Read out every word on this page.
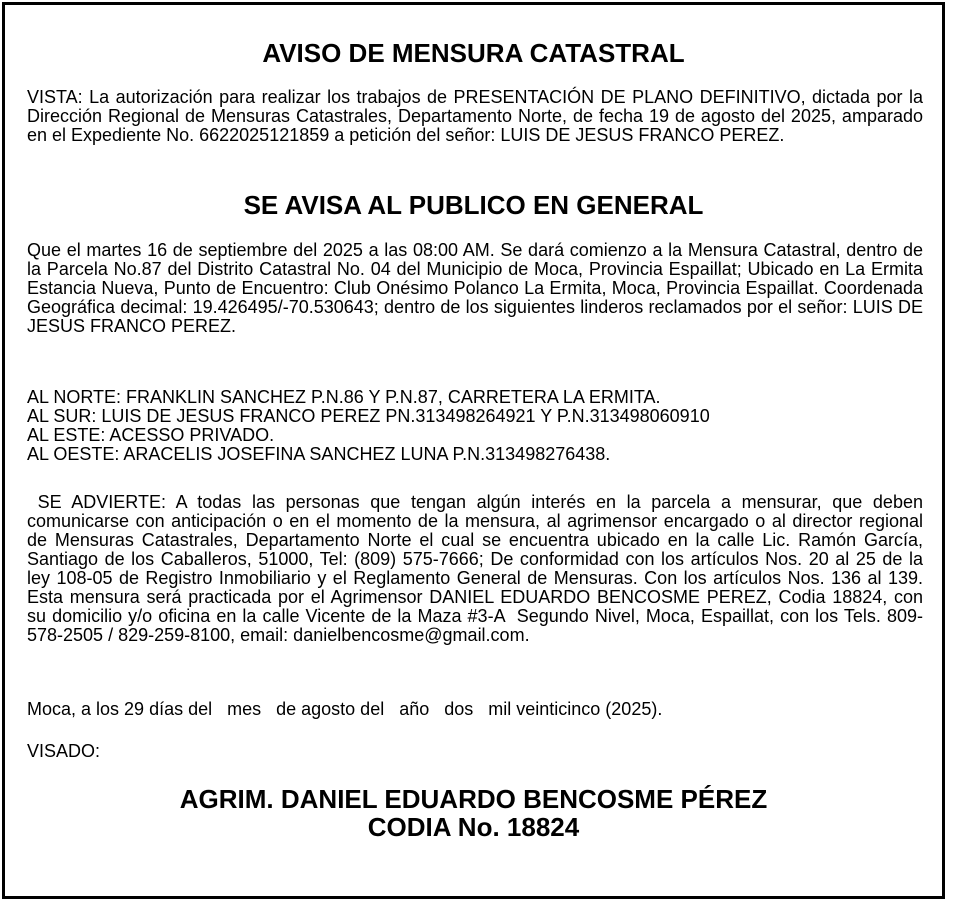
AVISO DE MENSURA CATASTRAL

VISTA: La autorización para realizar los trabajos de PRESENTACIÓN DE PLANO DEFINITIVO, dictada por la Dirección Regional de Mensuras Catastrales, Departamento Norte, de fecha 19 de agosto del 2025, amparado en el Expediente No. 6622025121859 a petición del señor: LUIS DE JESUS FRANCO PEREZ.

SE AVISA AL PUBLICO EN GENERAL

Que el martes 16 de septiembre del 2025 a las 08:00 AM. Se dará comienzo a la Mensura Catastral, dentro de la Parcela No.87 del Distrito Catastral No. 04 del Municipio de Moca, Provincia Espaillat; Ubicado en La Ermita Estancia Nueva, Punto de Encuentro: Club Onésimo Polanco La Ermita, Moca, Provincia Espaillat. Coordenada Geográfica decimal: 19.426495/-70.530643; dentro de los siguientes linderos reclamados por el señor: LUIS DE JESUS FRANCO PEREZ.

AL NORTE: FRANKLIN SANCHEZ P.N.86 Y P.N.87, CARRETERA LA ERMITA.
AL SUR: LUIS DE JESUS FRANCO PEREZ PN.313498264921 Y P.N.313498060910
AL ESTE: ACESSO PRIVADO.
AL OESTE: ARACELIS JOSEFINA SANCHEZ LUNA P.N.313498276438.

SE ADVIERTE: A todas las personas que tengan algún interés en la parcela a mensurar, que deben comunicarse con anticipación o en el momento de la mensura, al agrimensor encargado o al director regional de Mensuras Catastrales, Departamento Norte el cual se encuentra ubicado en la calle Lic. Ramón García, Santiago de los Caballeros, 51000, Tel: (809) 575-7666; De conformidad con los artículos Nos. 20 al 25 de la ley 108-05 de Registro Inmobiliario y el Reglamento General de Mensuras. Con los artículos Nos. 136 al 139. Esta mensura será practicada por el Agrimensor DANIEL EDUARDO BENCOSME PEREZ, Codia 18824, con su domicilio y/o oficina en la calle Vicente de la Maza #3-A  Segundo Nivel, Moca, Espaillat, con los Tels. 809-578-2505 / 829-259-8100, email: danielbencosme@gmail.com.

Moca, a los 29 días del   mes   de agosto del   año   dos   mil veinticinco (2025).

VISADO:

AGRIM. DANIEL EDUARDO BENCOSME PÉREZ
CODIA No. 18824
